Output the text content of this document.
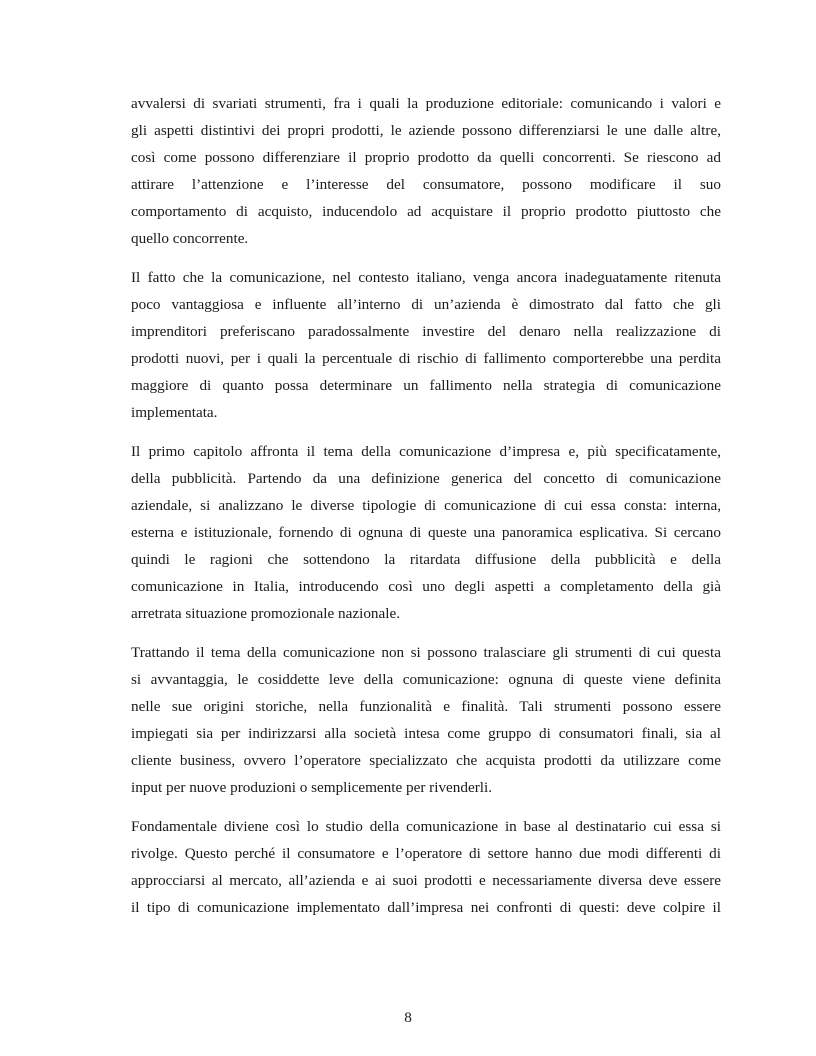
avvalersi di svariati strumenti, fra i quali la produzione editoriale: comunicando i valori e
gli aspetti distintivi dei propri prodotti, le aziende possono differenziarsi le une dalle altre,
così come possono differenziare il proprio prodotto da quelli concorrenti. Se riescono ad
attirare l’attenzione e l’interesse del consumatore, possono modificare il suo
comportamento di acquisto, inducendolo ad acquistare il proprio prodotto piuttosto che
quello concorrente.
Il fatto che la comunicazione, nel contesto italiano, venga ancora inadeguatamente ritenuta
poco vantaggiosa e influente all’interno di un’azienda è dimostrato dal fatto che gli
imprenditori preferiscano paradossalmente investire del denaro nella realizzazione di
prodotti nuovi, per i quali la percentuale di rischio di fallimento comporterebbe una perdita
maggiore di quanto possa determinare un fallimento nella strategia di comunicazione
implementata.
Il primo capitolo affronta il tema della comunicazione d’impresa e, più specificatamente,
della pubblicità. Partendo da una definizione generica del concetto di comunicazione
aziendale, si analizzano le diverse tipologie di comunicazione di cui essa consta: interna,
esterna e istituzionale, fornendo di ognuna di queste una panoramica esplicativa. Si cercano
quindi le ragioni che sottendono la ritardata diffusione della pubblicità e della
comunicazione in Italia, introducendo così uno degli aspetti a completamento della già
arretrata situazione promozionale nazionale.
Trattando il tema della comunicazione non si possono tralasciare gli strumenti di cui questa
si avvantaggia, le cosiddette leve della comunicazione: ognuna di queste viene definita
nelle sue origini storiche, nella funzionalità e finalità. Tali strumenti possono essere
impiegati sia per indirizzarsi alla società intesa come gruppo di consumatori finali, sia al
cliente business, ovvero l’operatore specializzato che acquista prodotti da utilizzare come
input per nuove produzioni o semplicemente per rivenderli.
Fondamentale diviene così lo studio della comunicazione in base al destinatario cui essa si
rivolge. Questo perché il consumatore e l’operatore di settore hanno due modi differenti di
approcciarsi al mercato, all’azienda e ai suoi prodotti e necessariamente diversa deve essere
il tipo di comunicazione implementato dall’impresa nei confronti di questi: deve colpire il
8
